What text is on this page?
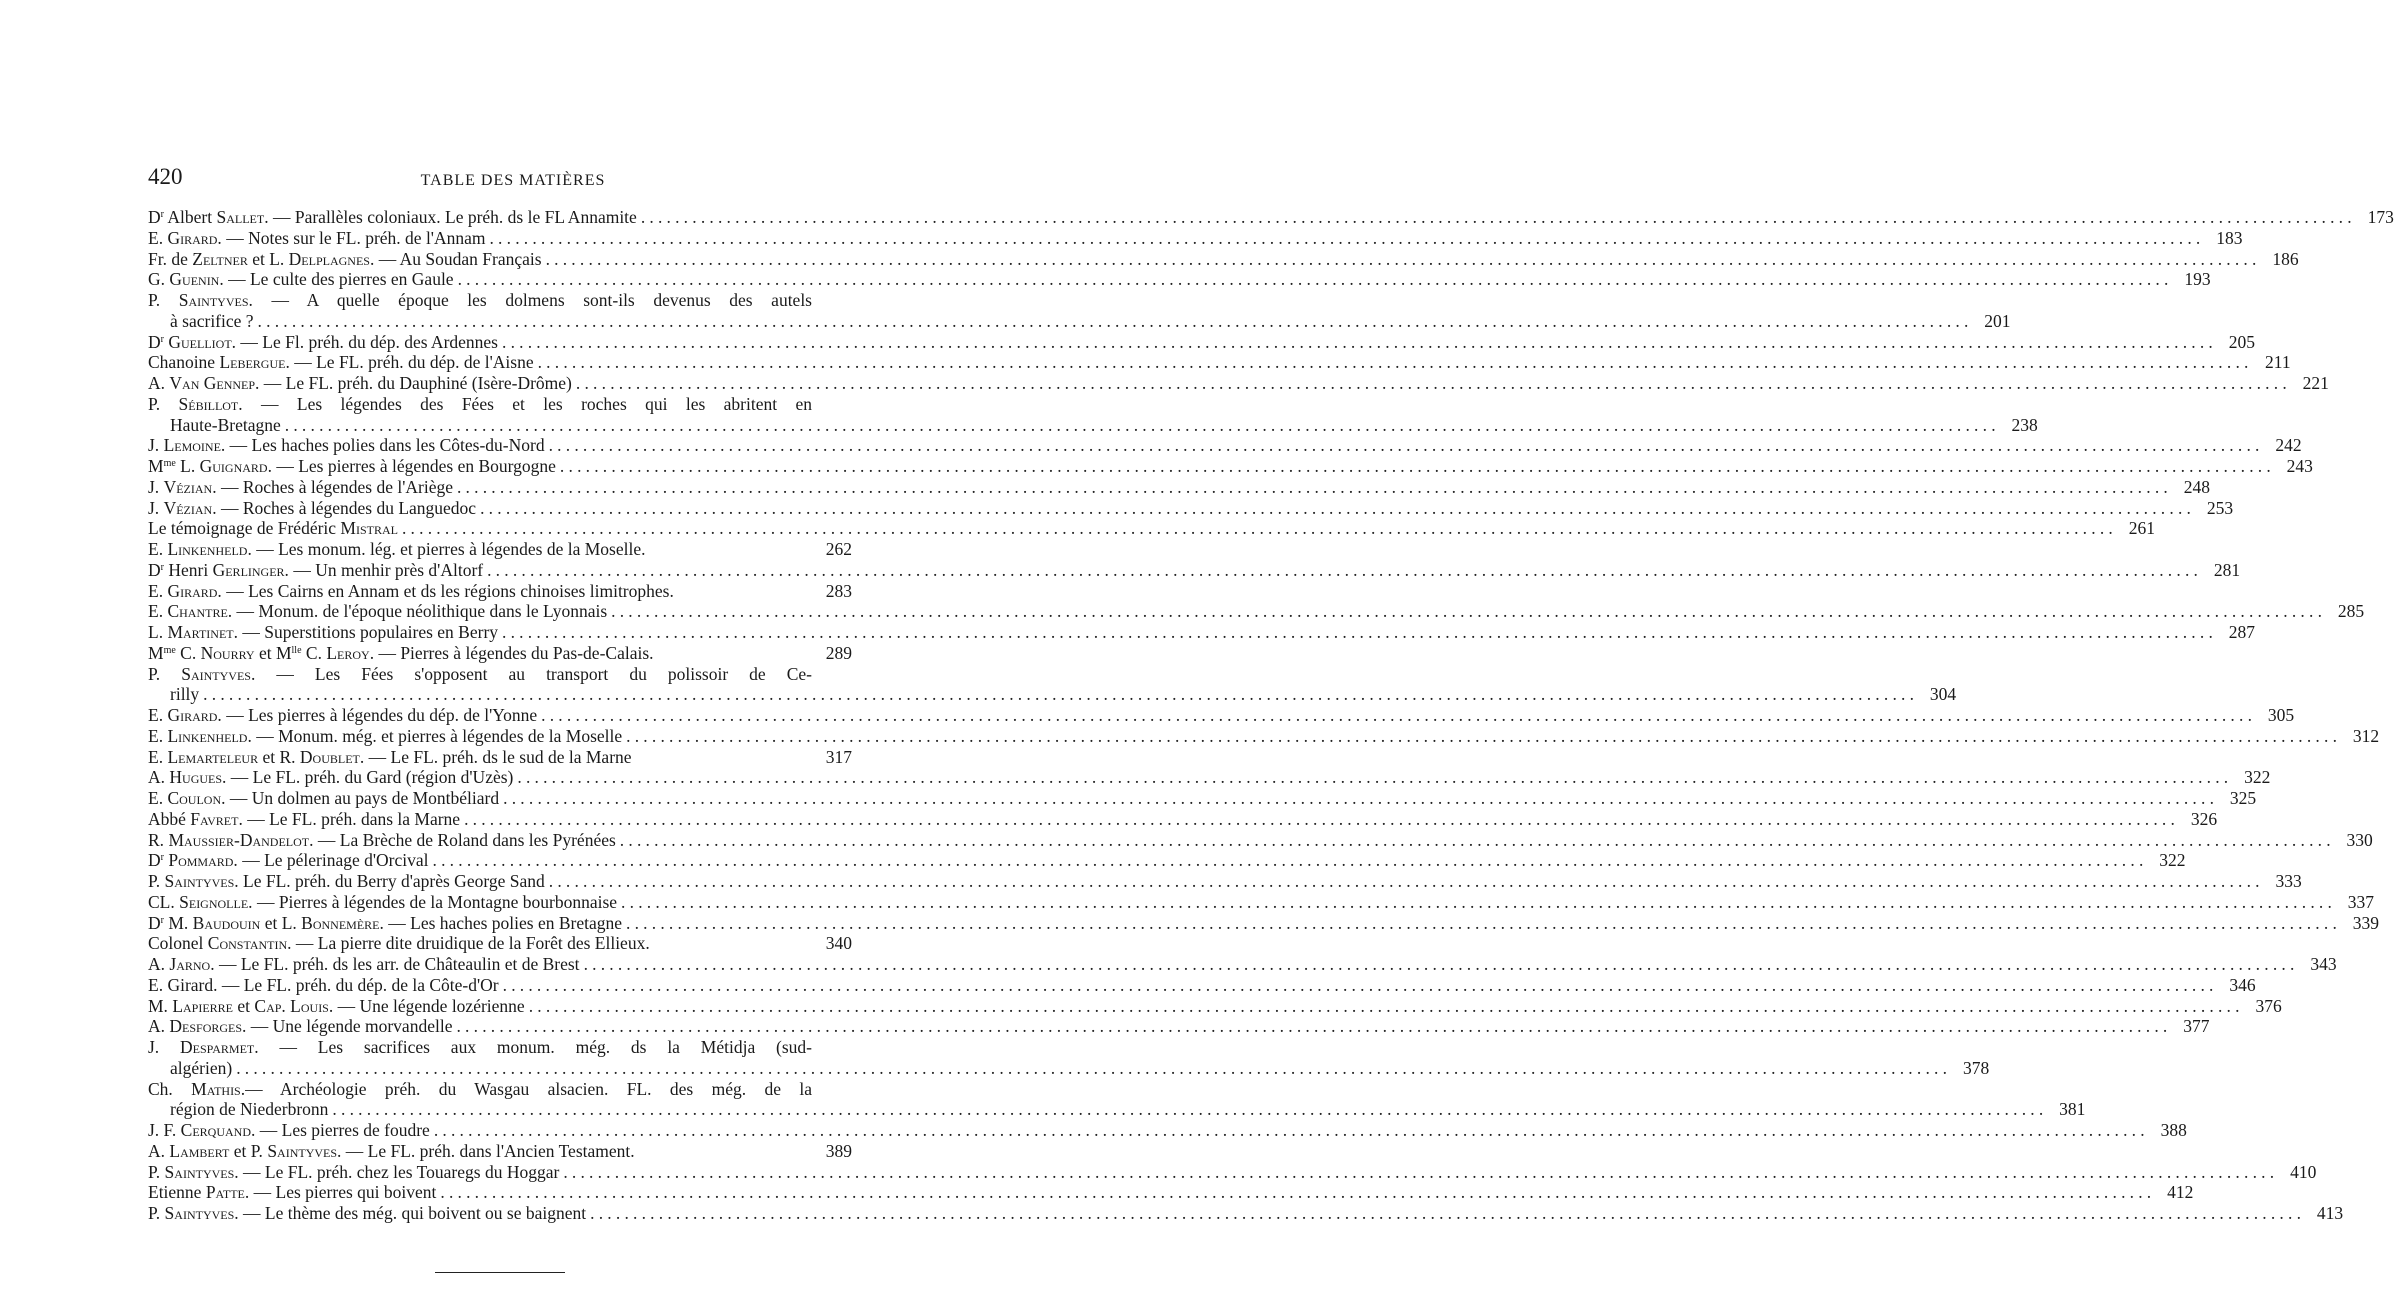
420	TABLE DES MATIÈRES
$D^r$ Albert Sallet. — Parallèles coloniaux. Le préh. ds le FL Annamite ........................................................................................................................................................................................................ 173
E. Girard. — Notes sur le FL. préh. de l'Annam ........................................................................................................................................................................................................ 183
Fr. de Zeltner et L. Delplagnes. — Au Soudan Français ........................................................................................................................................................................................................ 186
G. Guenin. — Le culte des pierres en Gaule ........................................................................................................................................................................................................ 193
P. Saintyves. — A quelle époque les dolmens sont-ils devenus des autels
à sacrifice ? ........................................................................................................................................................................................................ 201
$D^r$ Guelliot. — Le Fl. préh. du dép. des Ardennes ........................................................................................................................................................................................................ 205
Chanoine Lebergue. — Le FL. préh. du dép. de l'Aisne ........................................................................................................................................................................................................ 211
A. Van Gennep. — Le FL. préh. du Dauphiné (Isère-Drôme) ........................................................................................................................................................................................................ 221
P. Sébillot. — Les légendes des Fées et les roches qui les abritent en
Haute-Bretagne ........................................................................................................................................................................................................ 238
J. Lemoine. — Les haches polies dans les Côtes-du-Nord ........................................................................................................................................................................................................ 242
$M^{me}$ L. Guignard. — Les pierres à légendes en Bourgogne ........................................................................................................................................................................................................ 243
J. Vézian. — Roches à légendes de l'Ariège ........................................................................................................................................................................................................ 248
J. Vézian. — Roches à légendes du Languedoc ........................................................................................................................................................................................................ 253
Le témoignage de Frédéric Mistral ........................................................................................................................................................................................................ 261
E. Linkenheld. — Les monum. lég. et pierres à légendes de la Moselle.	262
$D^r$ Henri Gerlinger. — Un menhir près d'Altorf ........................................................................................................................................................................................................ 281
E. Girard. — Les Cairns en Annam et ds les régions chinoises limitrophes.	283
E. Chantre. — Monum. de l'époque néolithique dans le Lyonnais ........................................................................................................................................................................................................ 285
L. Martinet. — Superstitions populaires en Berry ........................................................................................................................................................................................................ 287
$M^{me}$ C. Nourry et $M^{lle}$ C. Leroy. — Pierres à légendes du Pas-de-Calais.	289
P. Saintyves. — Les Fées s'opposent au transport du polissoir de Ce-
rilly ........................................................................................................................................................................................................ 304
E. Girard. — Les pierres à légendes du dép. de l'Yonne ........................................................................................................................................................................................................ 305
E. Linkenheld. — Monum. még. et pierres à légendes de la Moselle ........................................................................................................................................................................................................ 312
E. Lemarteleur et R. Doublet. — Le FL. préh. ds le sud de la Marne	317
A. Hugues. — Le FL. préh. du Gard (région d'Uzès) ........................................................................................................................................................................................................ 322
E. Coulon. — Un dolmen au pays de Montbéliard ........................................................................................................................................................................................................ 325
Abbé Favret. — Le FL. préh. dans la Marne ........................................................................................................................................................................................................ 326
R. Maussier-Dandelot. — La Brèche de Roland dans les Pyrénées ........................................................................................................................................................................................................ 330
$D^r$ Pommard. — Le pélerinage d'Orcival ........................................................................................................................................................................................................ 322
P. Saintyves. Le FL. préh. du Berry d'après George Sand ........................................................................................................................................................................................................ 333
CL. Seignolle. — Pierres à légendes de la Montagne bourbonnaise ........................................................................................................................................................................................................ 337
$D^r$ M. Baudouin et L. Bonnemère. — Les haches polies en Bretagne ........................................................................................................................................................................................................ 339
Colonel Constantin. — La pierre dite druidique de la Forêt des Ellieux.	340
A. Jarno. — Le FL. préh. ds les arr. de Châteaulin et de Brest ........................................................................................................................................................................................................ 343
E. Girard. — Le FL. préh. du dép. de la Côte-d'Or ........................................................................................................................................................................................................ 346
M. Lapierre et Cap. Louis. — Une légende lozérienne ........................................................................................................................................................................................................ 376
A. Desforges. — Une légende morvandelle ........................................................................................................................................................................................................ 377
J. Desparmet. — Les sacrifices aux monum. még. ds la Métidja (sud-
algérien) ........................................................................................................................................................................................................ 378
Ch. Mathis.— Archéologie préh. du Wasgau alsacien. FL. des még. de la
région de Niederbronn ........................................................................................................................................................................................................ 381
J. F. Cerquand. — Les pierres de foudre ........................................................................................................................................................................................................ 388
A. Lambert et P. Saintyves. — Le FL. préh. dans l'Ancien Testament.	389
P. Saintyves. — Le FL. préh. chez les Touaregs du Hoggar ........................................................................................................................................................................................................ 410
Etienne Patte. — Les pierres qui boivent ........................................................................................................................................................................................................ 412
P. Saintyves. — Le thème des még. qui boivent ou se baignent ........................................................................................................................................................................................................ 413
